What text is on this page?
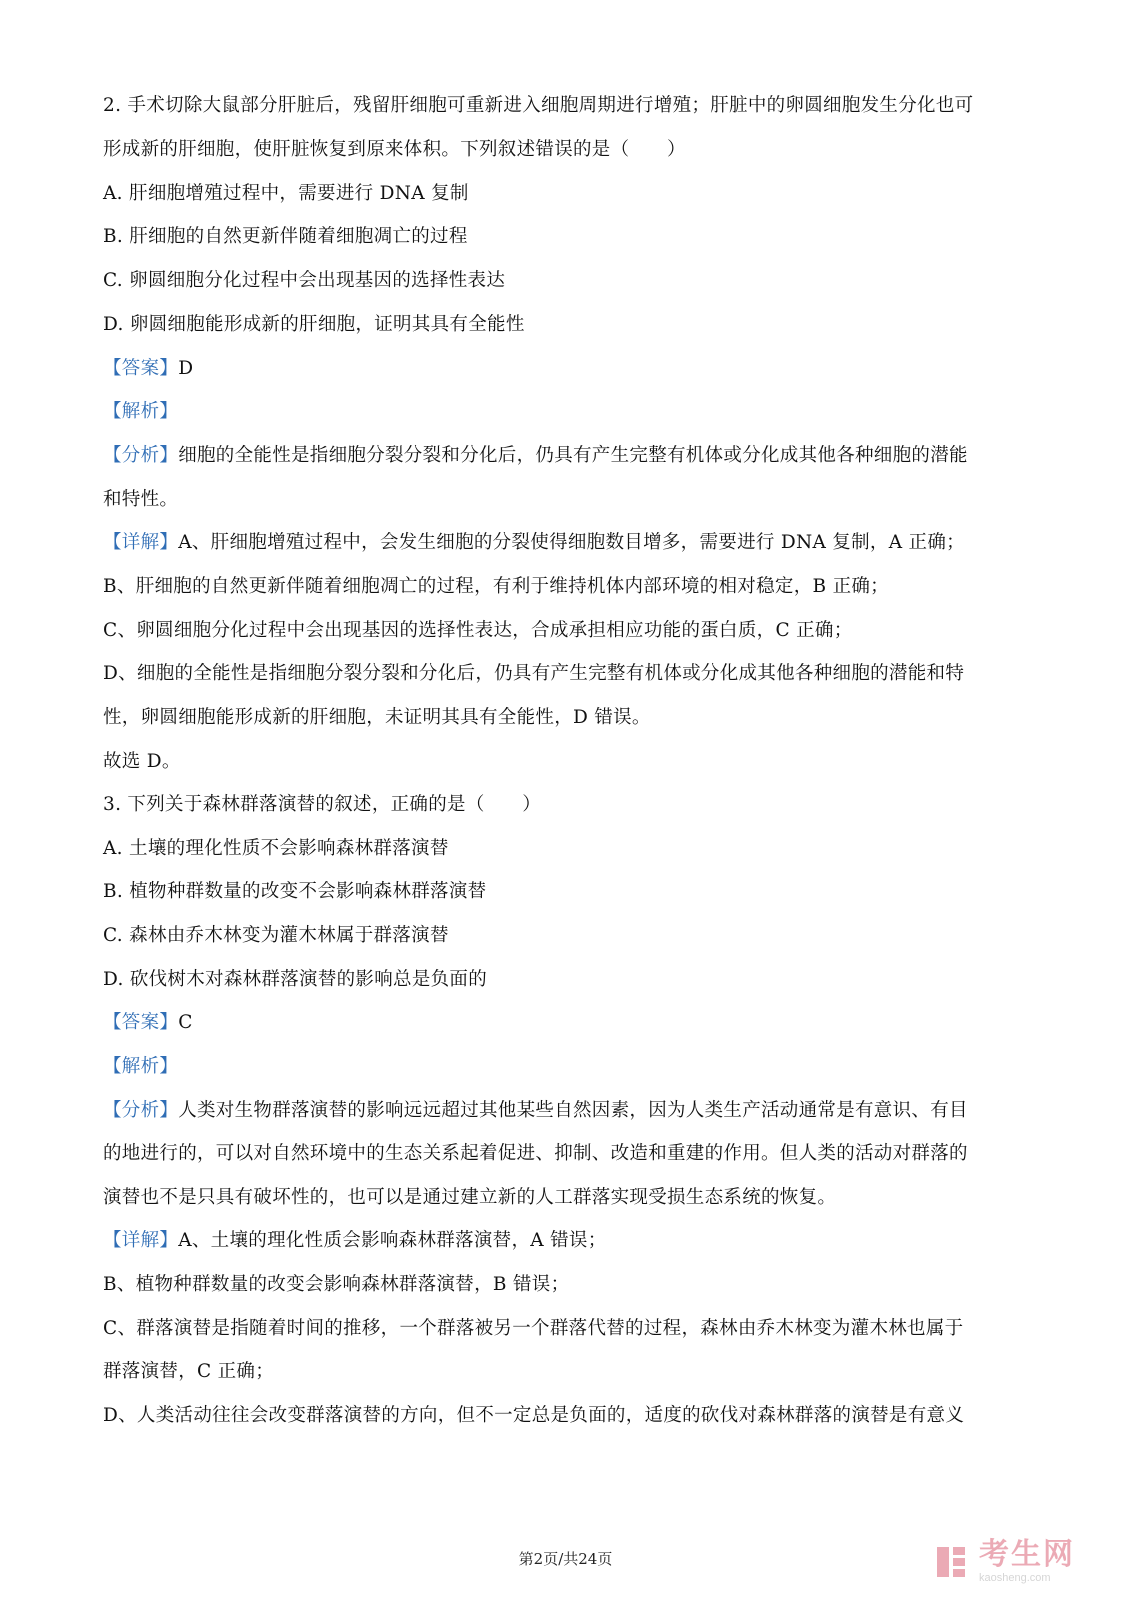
2. 手术切除大鼠部分肝脏后，残留肝细胞可重新进入细胞周期进行增殖；肝脏中的卵圆细胞发生分化也可
形成新的肝细胞，使肝脏恢复到原来体积。下列叙述错误的是（　　）
A. 肝细胞增殖过程中，需要进行 DNA 复制
B. 肝细胞的自然更新伴随着细胞凋亡的过程
C. 卵圆细胞分化过程中会出现基因的选择性表达
D. 卵圆细胞能形成新的肝细胞，证明其具有全能性
【答案】D
【解析】
【分析】细胞的全能性是指细胞分裂分裂和分化后，仍具有产生完整有机体或分化成其他各种细胞的潜能
和特性。
【详解】A、肝细胞增殖过程中，会发生细胞的分裂使得细胞数目增多，需要进行 DNA 复制，A 正确；
B、肝细胞的自然更新伴随着细胞凋亡的过程，有利于维持机体内部环境的相对稳定，B 正确；
C、卵圆细胞分化过程中会出现基因的选择性表达，合成承担相应功能的蛋白质，C 正确；
D、细胞的全能性是指细胞分裂分裂和分化后，仍具有产生完整有机体或分化成其他各种细胞的潜能和特
性，卵圆细胞能形成新的肝细胞，未证明其具有全能性，D 错误。
故选 D。
3. 下列关于森林群落演替的叙述，正确的是（　　）
A. 土壤的理化性质不会影响森林群落演替
B. 植物种群数量的改变不会影响森林群落演替
C. 森林由乔木林变为灌木林属于群落演替
D. 砍伐树木对森林群落演替的影响总是负面的
【答案】C
【解析】
【分析】人类对生物群落演替的影响远远超过其他某些自然因素，因为人类生产活动通常是有意识、有目
的地进行的，可以对自然环境中的生态关系起着促进、抑制、改造和重建的作用。但人类的活动对群落的
演替也不是只具有破坏性的，也可以是通过建立新的人工群落实现受损生态系统的恢复。
【详解】A、土壤的理化性质会影响森林群落演替，A 错误；
B、植物种群数量的改变会影响森林群落演替，B 错误；
C、群落演替是指随着时间的推移，一个群落被另一个群落代替的过程，森林由乔木林变为灌木林也属于
群落演替，C 正确；
D、人类活动往往会改变群落演替的方向，但不一定总是负面的，适度的砍伐对森林群落的演替是有意义
第2页/共24页	考生网
kaosheng.com
